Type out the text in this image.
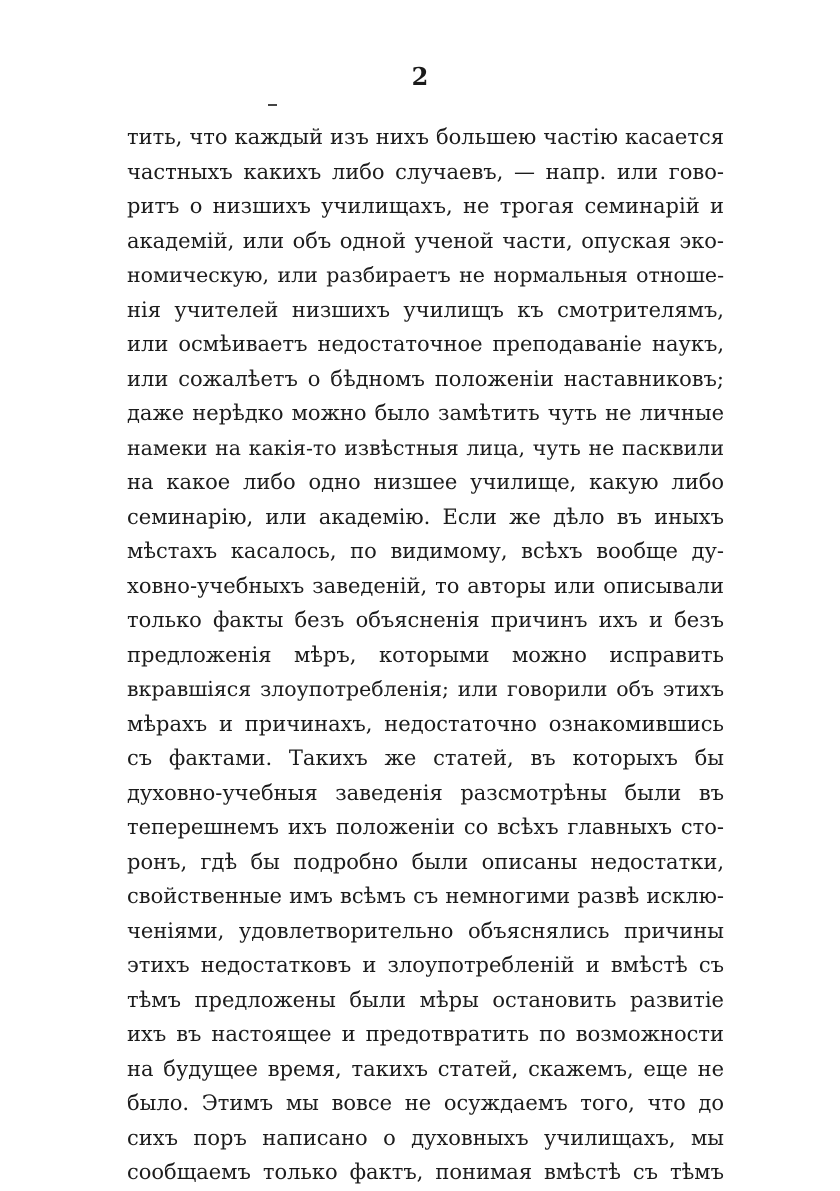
2
тить, что каждый изъ нихъ большею частію касается
частныхъ какихъ либо случаевъ, — напр. или гово-
ритъ о низшихъ училищахъ, не трогая семинарій и
академій, или объ одной ученой части, опуская эко-
номическую, или разбираетъ не нормальныя отноше-
нія учителей низшихъ училищъ къ смотрителямъ,
или осмѣиваетъ недостаточное преподаваніе наукъ,
или сожалѣетъ о бѣдномъ положеніи наставниковъ;
даже нерѣдко можно было замѣтить чуть не личные
намеки на какія-то извѣстныя лица, чуть не пасквили
на какое либо одно низшее училище, какую либо
семинарію, или академію. Если же дѣло въ иныхъ
мѣстахъ касалось, по видимому, всѣхъ вообще ду-
ховно-учебныхъ заведеній, то авторы или описывали
только факты безъ объясненія причинъ ихъ и безъ
предложенія мѣръ, которыми можно исправить
вкравшіяся злоупотребленія; или говорили объ этихъ
мѣрахъ и причинахъ, недостаточно ознакомившись
съ фактами. Такихъ же статей, въ которыхъ бы
духовно-учебныя заведенія разсмотрѣны были въ
теперешнемъ ихъ положеніи со всѣхъ главныхъ сто-
ронъ, гдѣ бы подробно были описаны недостатки,
свойственные имъ всѣмъ съ немногими развѣ исклю-
ченіями, удовлетворительно объяснялись причины
этихъ недостатковъ и злоупотребленій и вмѣстѣ съ
тѣмъ предложены были мѣры остановить развитіе
ихъ въ настоящее и предотвратить по возможности
на будущее время, такихъ статей, скажемъ, еще не
было. Этимъ мы вовсе не осуждаемъ того, что до
сихъ поръ написано о духовныхъ училищахъ, мы
сообщаемъ только фактъ, понимая вмѣстѣ съ тѣмъ
